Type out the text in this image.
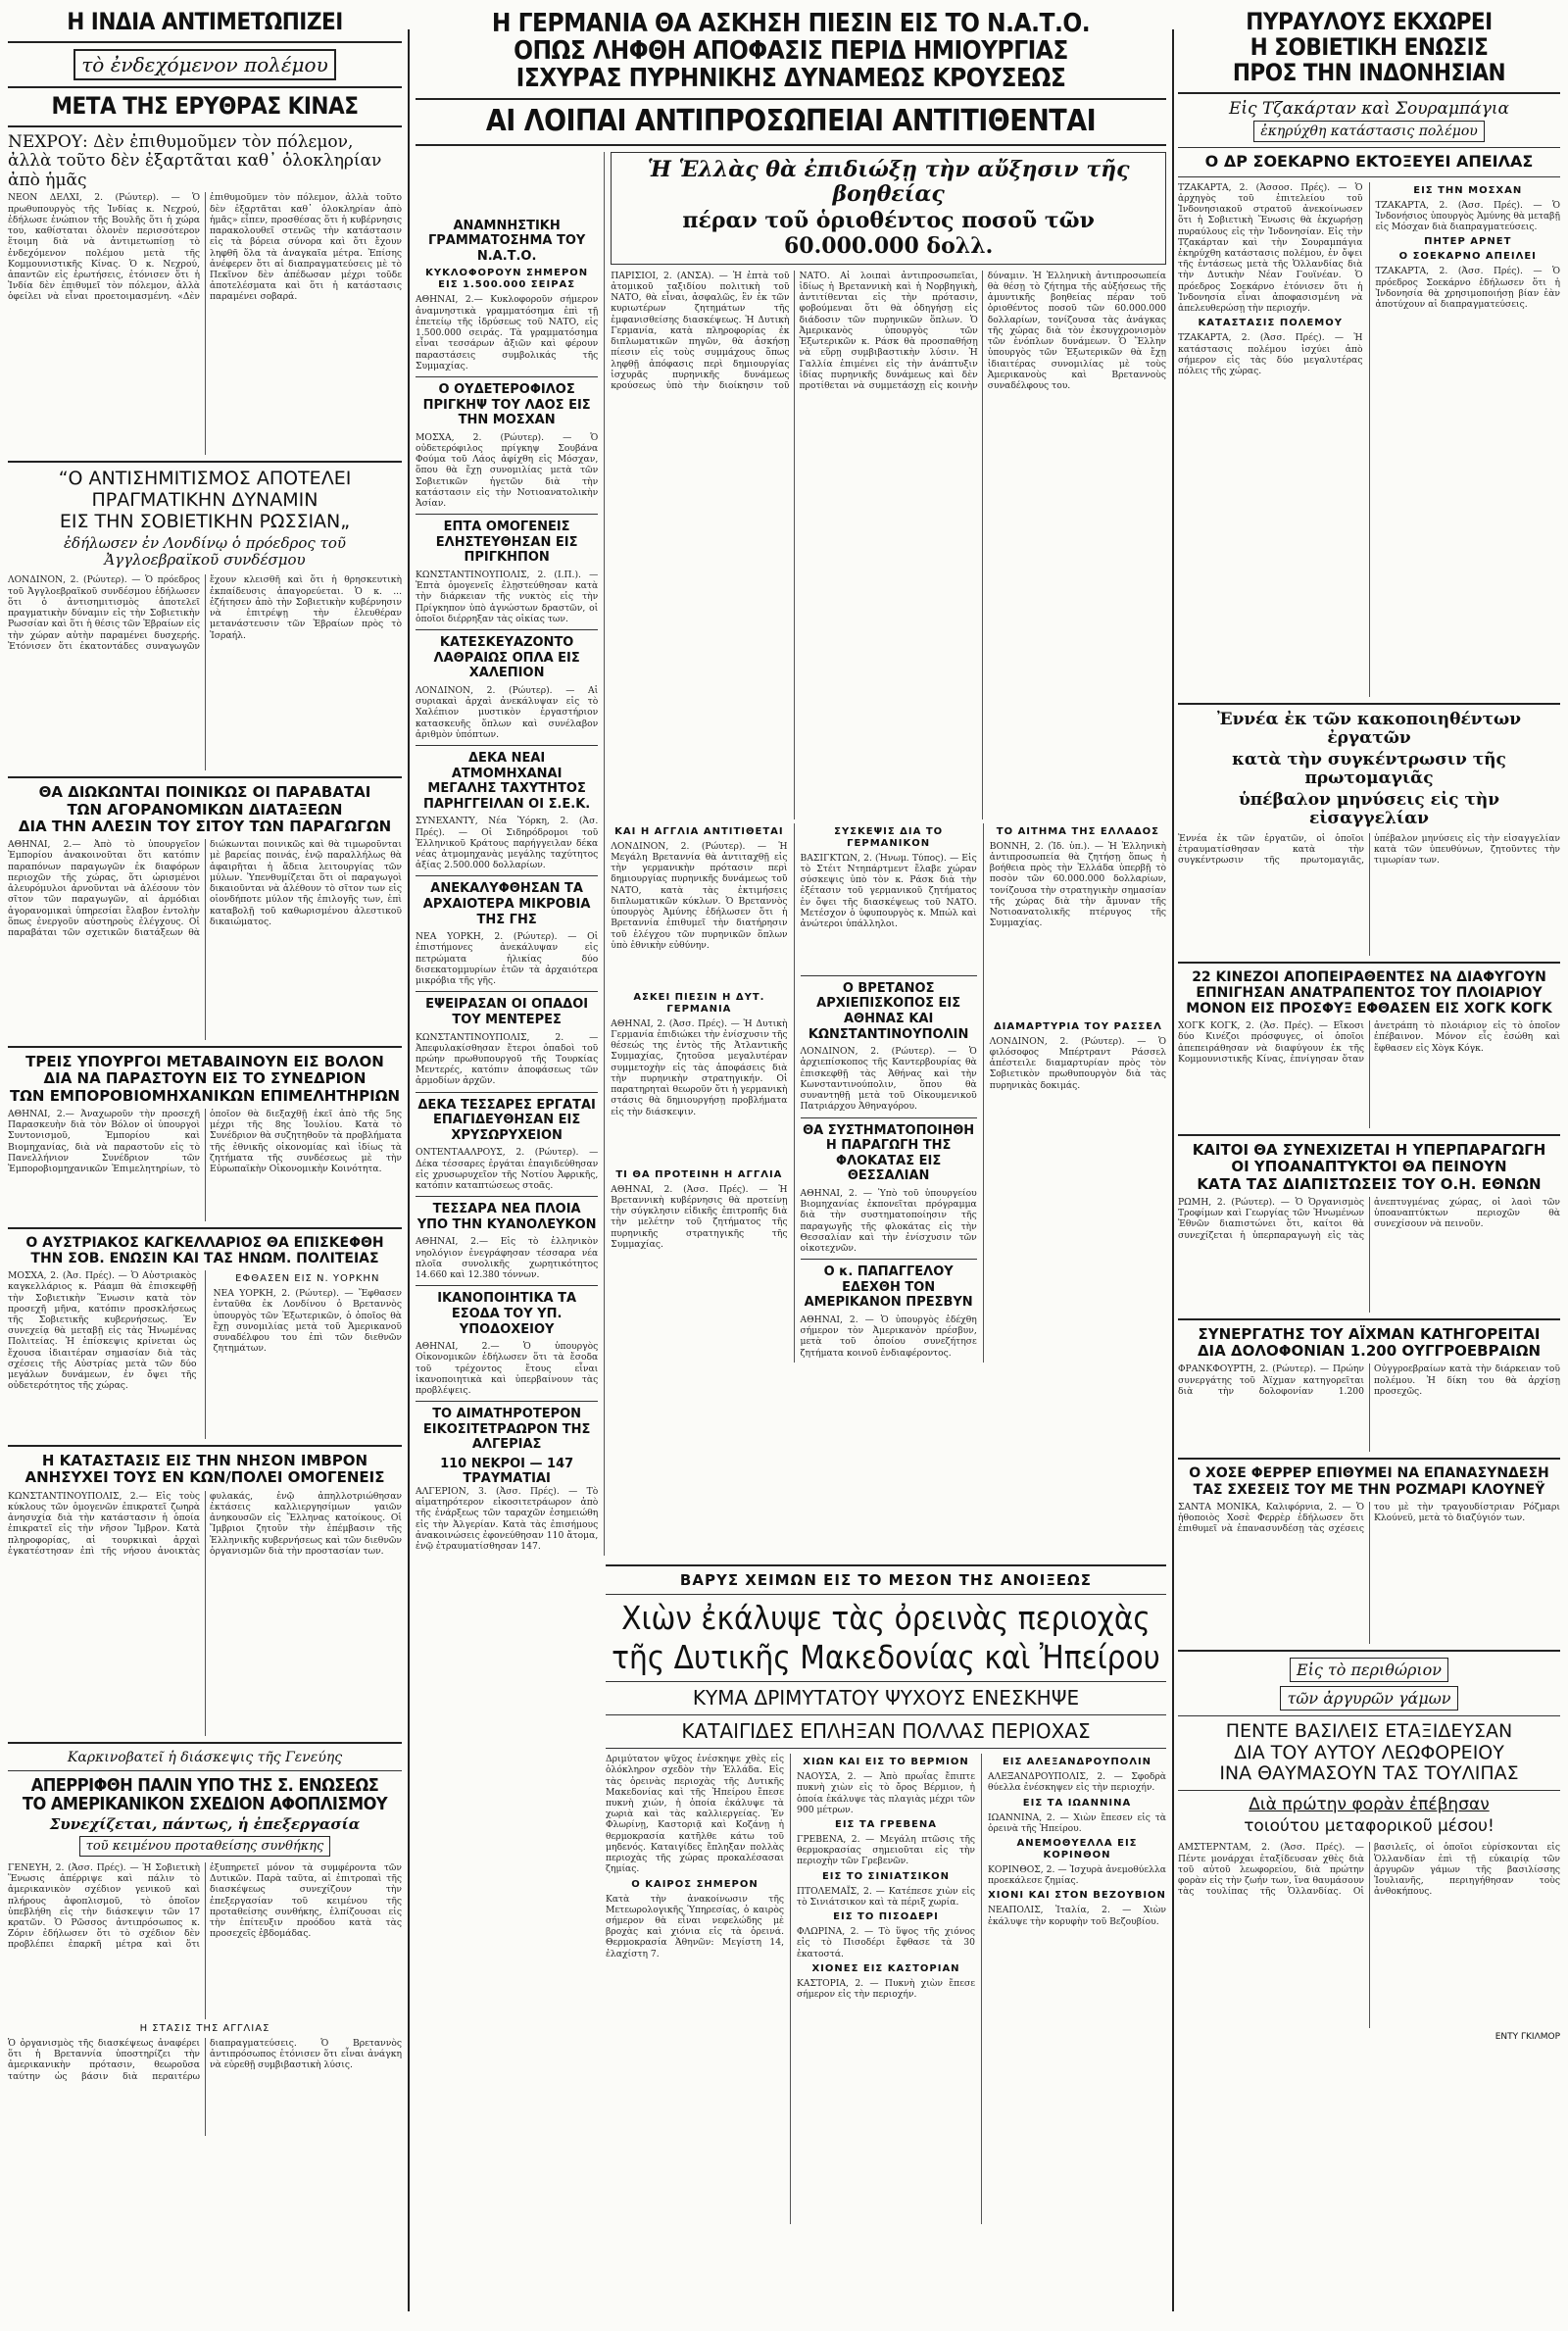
Η ΙΝΔΙΑ ΑΝΤΙΜΕΤΩΠΙΖΕΙ
τὸ ἐνδεχόμενον πολέμου
ΜΕΤΑ ΤΗΣ ΕΡΥΘΡΑΣ ΚΙΝΑΣ
ΝΕΧΡΟΥ: Δὲν ἐπιθυμοῦμεν τὸν πόλεμον, ἀλλὰ τοῦτο δὲν ἐξαρτᾶται καθ᾽ ὁλοκληρίαν ἀπὸ ἡμᾶς
ΝΕΟΝ ΔΕΛΧΙ, 2. (Ρώυτερ). — Ὁ πρωθυπουργὸς τῆς Ἰνδίας κ. Νεχρού, ἐδήλωσε ἐνώπιον τῆς Βουλῆς ὅτι ἡ χώρα του, καθίσταται ὁλονὲν περισσότερον ἕτοιμη διὰ νὰ ἀντιμετωπίσῃ τὸ ἐνδεχόμενον πολέμου μετὰ τῆς Κομμουνιστικῆς Κίνας. Ὁ κ. Νεχρού, ἀπαντῶν εἰς ἐρωτήσεις, ἐτόνισεν ὅτι ἡ Ἰνδία δὲν ἐπιθυμεῖ τὸν πόλεμον, ἀλλὰ ὁφείλει νὰ εἶναι προετοιμασμένη. «Δὲν ἐπιθυμοῦμεν τὸν πόλεμον, ἀλλὰ τοῦτο δὲν ἐξαρτᾶται καθ᾽ ὁλοκληρίαν ἀπὸ ἡμᾶς» εἶπεν, προσθέσας ὅτι ἡ κυβέρνησις παρακολουθεῖ στενῶς τὴν κατάστασιν εἰς τὰ βόρεια σύνορα καὶ ὅτι ἔχουν ληφθῆ ὅλα τὰ ἀναγκαῖα μέτρα. Ἐπίσης ἀνέφερεν ὅτι αἱ διαπραγματεύσεις μὲ τὸ Πεκῖνον δὲν ἀπέδωσαν μέχρι τοῦδε ἀποτελέσματα καὶ ὅτι ἡ κατάστασις παραμένει σοβαρά.
“Ο ΑΝΤΙΣΗΜΙΤΙΣΜΟΣ ΑΠΟΤΕΛΕΙ
ΠΡΑΓΜΑΤΙΚΗΝ ΔΥΝΑΜΙΝ
ΕΙΣ ΤΗΝ ΣΟΒΙΕΤΙΚΗΝ ΡΩΣΣΙΑΝ„
ἐδήλωσεν ἐν Λονδίνῳ ὁ πρόεδρος τοῦ Ἀγγλοεβραϊκοῦ συνδέσμου
ΛΟΝΔΙΝΟΝ, 2. (Ρώυτερ). — Ὁ πρόεδρος τοῦ Ἀγγλοεβραϊκοῦ συνδέσμου ἐδήλωσεν ὅτι ὁ ἀντισημιτισμὸς ἀποτελεῖ πραγματικὴν δύναμιν εἰς τὴν Σοβιετικὴν Ρωσσίαν καὶ ὅτι ἡ θέσις τῶν Ἑβραίων εἰς τὴν χώραν αὐτὴν παραμένει δυσχερής. Ἐτόνισεν ὅτι ἑκατοντάδες συναγωγῶν ἔχουν κλεισθῆ καὶ ὅτι ἡ θρησκευτικὴ ἐκπαίδευσις ἀπαγορεύεται. Ὁ κ. ... ἐζήτησεν ἀπὸ τὴν Σοβιετικὴν κυβέρνησιν νὰ ἐπιτρέψῃ τὴν ἐλευθέραν μετανάστευσιν τῶν Ἑβραίων πρὸς τὸ Ἰσραήλ.
ΘΑ ΔΙΩΚΩΝΤΑΙ ΠΟΙΝΙΚΩΣ ΟΙ ΠΑΡΑΒΑΤΑΙ
ΤΩΝ ΑΓΟΡΑΝΟΜΙΚΩΝ ΔΙΑΤΑΞΕΩΝ
ΔΙΑ ΤΗΝ ΑΛΕΣΙΝ ΤΟΥ ΣΙΤΟΥ ΤΩΝ ΠΑΡΑΓΩΓΩΝ
ΑΘΗΝΑΙ, 2.— Ἀπὸ τὸ ὑπουργεῖον Ἐμπορίου ἀνακοινοῦται ὅτι κατόπιν παραπόνων παραγωγῶν ἐκ διαφόρων περιοχῶν τῆς χώρας, ὅτι ὡρισμένοι ἀλευρόμυλοι ἀρνοῦνται νὰ ἀλέσουν τὸν σῖτον τῶν παραγωγῶν, αἱ ἁρμόδιαι ἀγορανομικαὶ ὑπηρεσίαι ἔλαβον ἐντολὴν ὅπως ἐνεργοῦν αὐστηροὺς ἐλέγχους. Οἱ παραβάται τῶν σχετικῶν διατάξεων θὰ διώκωνται ποινικῶς καὶ θὰ τιμωροῦνται μὲ βαρείας ποινάς, ἐνῷ παραλλήλως θὰ ἀφαιρῆται ἡ ἄδεια λειτουργίας τῶν μύλων. Ὑπενθυμίζεται ὅτι οἱ παραγωγοὶ δικαιοῦνται νὰ ἀλέθουν τὸ σῖτον των εἰς οἱονδήποτε μύλον τῆς ἐπιλογῆς των, ἐπὶ καταβολῇ τοῦ καθωρισμένου ἀλεστικοῦ δικαιώματος.
ΤΡΕΙΣ ΥΠΟΥΡΓΟΙ ΜΕΤΑΒΑΙΝΟΥΝ ΕΙΣ ΒΟΛΟΝ
ΔΙΑ ΝΑ ΠΑΡΑΣΤΟΥΝ ΕΙΣ ΤΟ ΣΥΝΕΔΡΙΟΝ
ΤΩΝ ΕΜΠΟΡΟΒΙΟΜΗΧΑΝΙΚΩΝ ΕΠΙΜΕΛΗΤΗΡΙΩΝ
ΑΘΗΝΑΙ, 2.— Ἀναχωροῦν τὴν προσεχῆ Παρασκευὴν διὰ τὸν Βόλον οἱ ὑπουργοὶ Συντονισμοῦ, Ἐμπορίου καὶ Βιομηχανίας, διὰ νὰ παραστοῦν εἰς τὸ Πανελλήνιον Συνέδριον τῶν Ἐμποροβιομηχανικῶν Ἐπιμελητηρίων, τὸ ὁποῖον θὰ διεξαχθῇ ἐκεῖ ἀπὸ τῆς 5ης μέχρι τῆς 8ης Ἰουλίου. Κατὰ τὸ Συνέδριον θὰ συζητηθοῦν τὰ προβλήματα τῆς ἐθνικῆς οἰκονομίας καὶ ἰδίως τὰ ζητήματα τῆς συνδέσεως μὲ τὴν Εὐρωπαϊκὴν Οἰκονομικὴν Κοινότητα.
Ο ΑΥΣΤΡΙΑΚΟΣ ΚΑΓΚΕΛΛΑΡΙΟΣ ΘΑ ΕΠΙΣΚΕΦΘΗ
ΤΗΝ ΣΟΒ. ΕΝΩΣΙΝ ΚΑΙ ΤΑΣ ΗΝΩΜ. ΠΟΛΙΤΕΙΑΣ
ΜΟΣΧΑ, 2. (Ἀσ. Πρές). — Ὁ Αὐστριακὸς καγκελλάριος κ. Ράαμπ θὰ ἐπισκεφθῇ τὴν Σοβιετικὴν Ἕνωσιν κατὰ τὸν προσεχῆ μῆνα, κατόπιν προσκλήσεως τῆς Σοβιετικῆς κυβερνήσεως. Ἐν συνεχείᾳ θὰ μεταβῇ εἰς τὰς Ἡνωμένας Πολιτείας. Ἡ ἐπίσκεψις κρίνεται ὡς ἔχουσα ἰδιαιτέραν σημασίαν διὰ τὰς σχέσεις τῆς Αὐστρίας μετὰ τῶν δύο μεγάλων δυνάμεων, ἐν ὄψει τῆς οὐδετερότητος τῆς χώρας.
ΕΦΘΑΣΕΝ ΕΙΣ Ν. ΥΟΡΚΗΝ
ΝΕΑ ΥΟΡΚΗ, 2. (Ρώυτερ). — Ἔφθασεν ἐνταῦθα ἐκ Λονδίνου ὁ Βρεταννὸς ὑπουργὸς τῶν Ἐξωτερικῶν, ὁ ὁποῖος θὰ ἔχῃ συνομιλίας μετὰ τοῦ Ἀμερικανοῦ συναδέλφου του ἐπὶ τῶν διεθνῶν ζητημάτων.
Η ΚΑΤΑΣΤΑΣΙΣ ΕΙΣ ΤΗΝ ΝΗΣΟΝ ΙΜΒΡΟΝ
ΑΝΗΣΥΧΕΙ ΤΟΥΣ ΕΝ ΚΩΝ/ΠΟΛΕΙ ΟΜΟΓΕΝΕΙΣ
ΚΩΝΣΤΑΝΤΙΝΟΥΠΟΛΙΣ, 2.— Εἰς τοὺς κύκλους τῶν ὁμογενῶν ἐπικρατεῖ ζωηρὰ ἀνησυχία διὰ τὴν κατάστασιν ἡ ὁποία ἐπικρατεῖ εἰς τὴν νῆσον Ἴμβρον. Κατὰ πληροφορίας, αἱ τουρκικαὶ ἀρχαὶ ἐγκατέστησαν ἐπὶ τῆς νήσου ἀνοικτὰς φυλακάς, ἐνῷ ἀπηλλοτριώθησαν ἐκτάσεις καλλιεργησίμων γαιῶν ἀνηκουσῶν εἰς Ἕλληνας κατοίκους. Οἱ Ἴμβριοι ζητοῦν τὴν ἐπέμβασιν τῆς Ἑλληνικῆς κυβερνήσεως καὶ τῶν διεθνῶν ὀργανισμῶν διὰ τὴν προστασίαν των.
Καρκινοβατεῖ ἡ διάσκεψις τῆς Γενεύης
ΑΠΕΡΡΙΦΘΗ ΠΑΛΙΝ ΥΠΟ ΤΗΣ Σ. ΕΝΩΣΕΩΣ
ΤΟ ΑΜΕΡΙΚΑΝΙΚΟΝ ΣΧΕΔΙΟΝ ΑΦΟΠΛΙΣΜΟΥ
Συνεχίζεται, πάντως, ἡ ἐπεξεργασία
τοῦ κειμένου προταθείσης συνθήκης
ΓΕΝΕΥΗ, 2. (Ἀσσ. Πρές). — Ἡ Σοβιετικὴ Ἕνωσις ἀπέρριψε καὶ πάλιν τὸ ἀμερικανικὸν σχέδιον γενικοῦ καὶ πλήρους ἀφοπλισμοῦ, τὸ ὁποῖον ὑπεβλήθη εἰς τὴν διάσκεψιν τῶν 17 κρατῶν. Ὁ Ρῶσσος ἀντιπρόσωπος κ. Ζόριν ἐδήλωσεν ὅτι τὸ σχέδιον δὲν προβλέπει ἐπαρκῆ μέτρα καὶ ὅτι ἐξυπηρετεῖ μόνον τὰ συμφέροντα τῶν Δυτικῶν. Παρὰ ταῦτα, αἱ ἐπιτροπαὶ τῆς διασκέψεως συνεχίζουν τὴν ἐπεξεργασίαν τοῦ κειμένου τῆς προταθείσης συνθήκης, ἐλπίζουσαι εἰς τὴν ἐπίτευξιν προόδου κατὰ τὰς προσεχεῖς ἑβδομάδας.
Η ΣΤΑΣΙΣ ΤΗΣ ΑΓΓΛΙΑΣ
Ὁ ὀργανισμὸς τῆς διασκέψεως ἀναφέρει ὅτι ἡ Βρεταννία ὑποστηρίζει τὴν ἀμερικανικὴν πρότασιν, θεωροῦσα ταύτην ὡς βάσιν διὰ περαιτέρω διαπραγματεύσεις. Ὁ Βρεταννὸς ἀντιπρόσωπος ἐτόνισεν ὅτι εἶναι ἀνάγκη νὰ εὑρεθῇ συμβιβαστικὴ λύσις.
Η ΓΕΡΜΑΝΙΑ ΘΑ ΑΣΚΗΣΗ ΠΙΕΣΙΝ ΕΙΣ ΤΟ Ν.Α.Τ.Ο.
ΟΠΩΣ ΛΗΦΘΗ ΑΠΟΦΑΣΙΣ ΠΕΡΙΔ ΗΜΙΟΥΡΓΙΑΣ
ΙΣΧΥΡΑΣ ΠΥΡΗΝΙΚΗΣ ΔΥΝΑΜΕΩΣ ΚΡΟΥΣΕΩΣ
ΑΙ ΛΟΙΠΑΙ ΑΝΤΙΠΡΟΣΩΠΕΙΑΙ ΑΝΤΙΤΙΘΕΝΤΑΙ
ΑΝΑΜΝΗΣΤΙΚΗ ΓΡΑΜΜΑΤΟΣΗΜΑ ΤΟΥ Ν.Α.Τ.Ο.
ΚΥΚΛΟΦΟΡΟΥΝ ΣΗΜΕΡΟΝ ΕΙΣ 1.500.000 ΣΕΙΡΑΣ
ΑΘΗΝΑΙ, 2.— Κυκλοφοροῦν σήμερον ἀναμνηστικὰ γραμματόσημα ἐπὶ τῇ ἐπετείῳ τῆς ἱδρύσεως τοῦ ΝΑΤΟ, εἰς 1.500.000 σειράς. Τὰ γραμματόσημα εἶναι τεσσάρων ἀξιῶν καὶ φέρουν παραστάσεις συμβολικάς τῆς Συμμαχίας.
Ο ΟΥΔΕΤΕΡΟΦΙΛΟΣ ΠΡΙΓΚΗΨ ΤΟΥ ΛΑΟΣ ΕΙΣ ΤΗΝ ΜΟΣΧΑΝ
ΜΟΣΧΑ, 2. (Ρώυτερ). — Ὁ οὐδετερόφιλος πρίγκηψ Σουβάνα Φούμα τοῦ Λάος ἀφίχθη εἰς Μόσχαν, ὅπου θὰ ἔχῃ συνομιλίας μετὰ τῶν Σοβιετικῶν ἡγετῶν διὰ τὴν κατάστασιν εἰς τὴν Νοτιοανατολικὴν Ἀσίαν.
ΕΠΤΑ ΟΜΟΓΕΝΕΙΣ ΕΛΗΣΤΕΥΘΗΣΑΝ ΕΙΣ ΠΡΙΓΚΗΠΟΝ
ΚΩΝΣΤΑΝΤΙΝΟΥΠΟΛΙΣ, 2. (Ι.Π.). — Ἑπτὰ ὁμογενεῖς ἐλῃστεύθησαν κατὰ τὴν διάρκειαν τῆς νυκτὸς εἰς τὴν Πρίγκηπον ὑπὸ ἀγνώστων δραστῶν, οἱ ὁποῖοι διέρρηξαν τὰς οἰκίας των.
ΚΑΤΕΣΚΕΥΑΖΟΝΤΟ ΛΑΘΡΑΙΩΣ ΟΠΛΑ ΕΙΣ ΧΑΛΕΠΙΟΝ
ΛΟΝΔΙΝΟΝ, 2. (Ρώυτερ). — Αἱ συριακαὶ ἀρχαὶ ἀνεκάλυψαν εἰς τὸ Χαλέπιον μυστικὸν ἐργαστήριον κατασκευῆς ὅπλων καὶ συνέλαβον ἀριθμὸν ὑπόπτων.
ΔΕΚΑ ΝΕΑΙ ΑΤΜΟΜΗΧΑΝΑΙ ΜΕΓΑΛΗΣ ΤΑΧΥΤΗΤΟΣ ΠΑΡΗΓΓΕΙΛΑΝ ΟΙ Σ.Ε.Κ.
ΣΥΝΕΧΑΝΤΥ, Νέα Ὑόρκη, 2. (Ἀσ. Πρές). — Οἱ Σιδηρόδρομοι τοῦ Ἑλληνικοῦ Κράτους παρήγγειλαν δέκα νέας ἀτμομηχανὰς μεγάλης ταχύτητος ἀξίας 2.500.000 δολλαρίων.
ΑΝΕΚΑΛΥΦΘΗΣΑΝ ΤΑ ΑΡΧΑΙΟΤΕΡΑ ΜΙΚΡΟΒΙΑ ΤΗΣ ΓΗΣ
ΝΕΑ ΥΟΡΚΗ, 2. (Ρώυτερ). — Οἱ ἐπιστήμονες ἀνεκάλυψαν εἰς πετρώματα ἡλικίας δύο δισεκατομμυρίων ἐτῶν τὰ ἀρχαιότερα μικρόβια τῆς γῆς.
ΕΨΕΙΡΑΣΑΝ ΟΙ ΟΠΑΔΟΙ ΤΟΥ ΜΕΝΤΕΡΕΣ
ΚΩΝΣΤΑΝΤΙΝΟΥΠΟΛΙΣ, 2. — Ἀπεφυλακίσθησαν ἕτεροι ὀπαδοὶ τοῦ πρώην πρωθυπουργοῦ τῆς Τουρκίας Μεντερές, κατόπιν ἀποφάσεως τῶν ἁρμοδίων ἀρχῶν.
ΔΕΚΑ ΤΕΣΣΑΡΕΣ ΕΡΓΑΤΑΙ ΕΠΑΓΙΔΕΥΘΗΣΑΝ ΕΙΣ ΧΡΥΣΩΡΥΧΕΙΟΝ
ΟΝΤΕΝΤΑΑΛΡΟΥΣ, 2. (Ρώυτερ). — Δέκα τέσσαρες ἐργάται ἐπαγιδεύθησαν εἰς χρυσωρυχεῖον τῆς Νοτίου Ἀφρικῆς, κατόπιν καταπτώσεως στοᾶς.
ΤΕΣΣΑΡΑ ΝΕΑ ΠΛΟΙΑ ΥΠΟ ΤΗΝ ΚΥΑΝΟΛΕΥΚΟΝ
ΑΘΗΝΑΙ, 2.— Εἰς τὸ ἑλληνικὸν νηολόγιον ἐνεγράφησαν τέσσαρα νέα πλοῖα συνολικῆς χωρητικότητος 14.660 καὶ 12.380 τόννων.
ΙΚΑΝΟΠΟΙΗΤΙΚΑ ΤΑ ΕΣΟΔΑ ΤΟΥ ΥΠ. ΥΠΟΔΟΧΕΙΟΥ
ΑΘΗΝΑΙ, 2.— Ὁ ὑπουργὸς Οἰκονομικῶν ἐδήλωσεν ὅτι τὰ ἔσοδα τοῦ τρέχοντος ἔτους εἶναι ἱκανοποιητικὰ καὶ ὑπερβαίνουν τὰς προβλέψεις.
ΤΟ ΑΙΜΑΤΗΡΟΤΕΡΟΝ ΕΙΚΟΣΙΤΕΤΡΑΩΡΟΝ ΤΗΣ ΑΛΓΕΡΙΑΣ
110 ΝΕΚΡΟΙ — 147 ΤΡΑΥΜΑΤΙΑΙ
ΑΛΓΕΡΙΟΝ, 3. (Ἀσσ. Πρές). — Τὸ αἱματηρότερον εἰκοσιτετράωρον ἀπὸ τῆς ἐνάρξεως τῶν ταραχῶν ἐσημειώθη εἰς τὴν Ἀλγερίαν. Κατὰ τὰς ἐπισήμους ἀνακοινώσεις ἐφονεύθησαν 110 ἄτομα, ἐνῷ ἐτραυματίσθησαν 147.
Ἡ Ἑλλὰς θὰ ἐπιδιώξῃ τὴν αὔξησιν τῆς βοηθείας
πέραν τοῦ ὁριοθέντος ποσοῦ τῶν 60.000.000 δολλ.
ΠΑΡΙΣΙΟΙ, 2. (ΑΝΣΑ). — Ἡ ἑπτὰ τοῦ ἀτομικοῦ ταξιδίου πολιτικὴ τοῦ ΝΑΤΟ, θὰ εἶναι, ἀσφαλῶς, ἓν ἐκ τῶν κυριωτέρων ζητημάτων τῆς ἐμφανισθείσης διασκέψεως. Ἡ Δυτικὴ Γερμανία, κατὰ πληροφορίας ἐκ διπλωματικῶν πηγῶν, θὰ ἀσκήσῃ πίεσιν εἰς τοὺς συμμάχους ὅπως ληφθῇ ἀπόφασις περὶ δημιουργίας ἰσχυρᾶς πυρηνικῆς δυνάμεως κρούσεως ὑπὸ τὴν διοίκησιν τοῦ ΝΑΤΟ. Αἱ λοιπαὶ ἀντιπροσωπεῖαι, ἰδίως ἡ Βρεταννικὴ καὶ ἡ Νορβηγικὴ, ἀντιτίθενται εἰς τὴν πρότασιν, φοβούμεναι ὅτι θὰ ὁδηγήσῃ εἰς διάδοσιν τῶν πυρηνικῶν ὅπλων. Ὁ Ἀμερικανὸς ὑπουργὸς τῶν Ἐξωτερικῶν κ. Ράσκ θὰ προσπαθήσῃ νὰ εὕρῃ συμβιβαστικὴν λύσιν. Ἡ Γαλλία ἐπιμένει εἰς τὴν ἀνάπτυξιν ἰδίας πυρηνικῆς δυνάμεως καὶ δὲν προτίθεται νὰ συμμετάσχῃ εἰς κοινὴν δύναμιν. Ἡ Ἑλληνικὴ ἀντιπροσωπεία θὰ θέσῃ τὸ ζήτημα τῆς αὐξήσεως τῆς ἀμυντικῆς βοηθείας πέραν τοῦ ὁριοθέντος ποσοῦ τῶν 60.000.000 δολλαρίων, τονίζουσα τὰς ἀνάγκας τῆς χώρας διὰ τὸν ἐκσυγχρονισμὸν τῶν ἐνόπλων δυνάμεων. Ὁ Ἕλλην ὑπουργὸς τῶν Ἐξωτερικῶν θὰ ἔχῃ ἰδιαιτέρας συνομιλίας μὲ τοὺς Ἀμερικανοὺς καὶ Βρεταννοὺς συναδέλφους του.
ΚΑΙ Η ΑΓΓΛΙΑ ΑΝΤΙΤΙΘΕΤΑΙ
ΛΟΝΔΙΝΟΝ, 2. (Ρώυτερ). — Ἡ Μεγάλη Βρεταννία θὰ ἀντιταχθῇ εἰς τὴν γερμανικὴν πρότασιν περὶ δημιουργίας πυρηνικῆς δυνάμεως τοῦ ΝΑΤΟ, κατὰ τὰς ἐκτιμήσεις διπλωματικῶν κύκλων. Ὁ Βρεταννὸς ὑπουργὸς Ἀμύνης ἐδήλωσεν ὅτι ἡ Βρεταννία ἐπιθυμεῖ τὴν διατήρησιν τοῦ ἐλέγχου τῶν πυρηνικῶν ὅπλων ὑπὸ ἐθνικὴν εὐθύνην.
ΑΣΚΕΙ ΠΙΕΣΙΝ Η ΔΥΤ. ΓΕΡΜΑΝΙΑ
ΑΘΗΝΑΙ, 2. (Ἀσσ. Πρές). — Ἡ Δυτικὴ Γερμανία ἐπιδιώκει τὴν ἐνίσχυσιν τῆς θέσεώς της ἐντὸς τῆς Ἀτλαντικῆς Συμμαχίας, ζητοῦσα μεγαλυτέραν συμμετοχὴν εἰς τὰς ἀποφάσεις διὰ τὴν πυρηνικὴν στρατηγικήν. Οἱ παρατηρηταὶ θεωροῦν ὅτι ἡ γερμανικὴ στάσις θὰ δημιουργήσῃ προβλήματα εἰς τὴν διάσκεψιν.
ΤΙ ΘΑ ΠΡΟΤΕΙΝΗ Η ΑΓΓΛΙΑ
ΑΘΗΝΑΙ, 2. (Ἀσσ. Πρές). — Ἡ Βρεταννικὴ κυβέρνησις θὰ προτείνῃ τὴν σύγκλησιν εἰδικῆς ἐπιτροπῆς διὰ τὴν μελέτην τοῦ ζητήματος τῆς πυρηνικῆς στρατηγικῆς τῆς Συμμαχίας.
ΣΥΣΚΕΨΙΣ ΔΙΑ ΤΟ ΓΕΡΜΑΝΙΚΟΝ
ΒΑΣΙΓΚΤΩΝ, 2. (Ἡνωμ. Τύπος). — Εἰς τὸ Στέιτ Ντηπάρτμεντ ἔλαβε χώραν σύσκεψις ὑπὸ τὸν κ. Ράσκ διὰ τὴν ἐξέτασιν τοῦ γερμανικοῦ ζητήματος ἐν ὄψει τῆς διασκέψεως τοῦ ΝΑΤΟ. Μετέσχον ὁ ὑφυπουργὸς κ. Μπώλ καὶ ἀνώτεροι ὑπάλληλοι.
Ο ΒΡΕΤΑΝΟΣ ΑΡΧΙΕΠΙΣΚΟΠΟΣ ΕΙΣ ΑΘΗΝΑΣ ΚΑΙ ΚΩΝΣΤΑΝΤΙΝΟΥΠΟΛΙΝ
ΛΟΝΔΙΝΟΝ, 2. (Ρώυτερ). — Ὁ ἀρχιεπίσκοπος τῆς Καντερβουρίας θὰ ἐπισκεφθῇ τὰς Ἀθήνας καὶ τὴν Κωνσταντινούπολιν, ὅπου θὰ συναντηθῇ μετὰ τοῦ Οἰκουμενικοῦ Πατριάρχου Ἀθηναγόρου.
ΘΑ ΣΥΣΤΗΜΑΤΟΠΟΙΗΘΗ Η ΠΑΡΑΓΩΓΗ ΤΗΣ ΦΛΟΚΑΤΑΣ ΕΙΣ ΘΕΣΣΑΛΙΑΝ
ΑΘΗΝΑΙ, 2. — Ὑπὸ τοῦ ὑπουργείου Βιομηχανίας ἐκπονεῖται πρόγραμμα διὰ τὴν συστηματοποίησιν τῆς παραγωγῆς τῆς φλοκάτας εἰς τὴν Θεσσαλίαν καὶ τὴν ἐνίσχυσιν τῶν οἰκοτεχνῶν.
Ο κ. ΠΑΠΑΓΓΕΛΟΥ ΕΔΕΧΘΗ ΤΟΝ ΑΜΕΡΙΚΑΝΟΝ ΠΡΕΣΒΥΝ
ΑΘΗΝΑΙ, 2. — Ὁ ὑπουργὸς ἐδέχθη σήμερον τὸν Ἀμερικανὸν πρέσβυν, μετὰ τοῦ ὁποίου συνεζήτησε ζητήματα κοινοῦ ἐνδιαφέροντος.
ΤΟ ΑΙΤΗΜΑ ΤΗΣ ΕΛΛΑΔΟΣ
ΒΟΝΝΗ, 2. (Ἰδ. ὑπ.). — Ἡ Ἑλληνικὴ ἀντιπροσωπεία θὰ ζητήσῃ ὅπως ἡ βοήθεια πρὸς τὴν Ἑλλάδα ὑπερβῇ τὸ ποσὸν τῶν 60.000.000 δολλαρίων, τονίζουσα τὴν στρατηγικὴν σημασίαν τῆς χώρας διὰ τὴν ἄμυναν τῆς Νοτιοανατολικῆς πτέρυγος τῆς Συμμαχίας.
ΔΙΑΜΑΡΤΥΡΙΑ ΤΟΥ ΡΑΣΣΕΛ
ΛΟΝΔΙΝΟΝ, 2. (Ρώυτερ). — Ὁ φιλόσοφος Μπέρτραντ Ράσσελ ἀπέστειλε διαμαρτυρίαν πρὸς τὸν Σοβιετικὸν πρωθυπουργὸν διὰ τὰς πυρηνικὰς δοκιμάς.
ΒΑΡΥΣ ΧΕΙΜΩΝ ΕΙΣ ΤΟ ΜΕΣΟΝ ΤΗΣ ΑΝΟΙΞΕΩΣ
Χιὼν ἐκάλυψε τὰς ὀρεινὰς περιοχὰς
τῆς Δυτικῆς Μακεδονίας καὶ Ἠπείρου
ΚΥΜΑ ΔΡΙΜΥΤΑΤΟΥ ΨΥΧΟΥΣ ΕΝΕΣΚΗΨΕ
ΚΑΤΑΙΓΙΔΕΣ ΕΠΛΗΞΑΝ ΠΟΛΛΑΣ ΠΕΡΙΟΧΑΣ
Δριμύτατον ψῦχος ἐνέσκηψε χθὲς εἰς ὁλόκληρον σχεδὸν τὴν Ἑλλάδα. Εἰς τὰς ὀρεινὰς περιοχὰς τῆς Δυτικῆς Μακεδονίας καὶ τῆς Ἠπείρου ἔπεσε πυκνὴ χιών, ἡ ὁποία ἐκάλυψε τὰ χωριὰ καὶ τὰς καλλιεργείας. Ἐν Φλωρίνῃ, Καστοριᾷ καὶ Κοζάνῃ ἡ θερμοκρασία κατῆλθε κάτω τοῦ μηδενός. Καταιγίδες ἔπληξαν πολλὰς περιοχὰς τῆς χώρας προκαλέσασαι ζημίας.
Ο ΚΑΙΡΟΣ ΣΗΜΕΡΟΝ
Κατὰ τὴν ἀνακοίνωσιν τῆς Μετεωρολογικῆς Ὑπηρεσίας, ὁ καιρὸς σήμερον θὰ εἶναι νεφελώδης μὲ βροχὰς καὶ χιόνια εἰς τὰ ὀρεινά. Θερμοκρασία Ἀθηνῶν: Μεγίστη 14, ἐλαχίστη 7.
ΧΙΩΝ ΚΑΙ ΕΙΣ ΤΟ ΒΕΡΜΙΟΝ
ΝΑΟΥΣΑ, 2. — Ἀπὸ πρωΐας ἔπιπτε πυκνὴ χιὼν εἰς τὸ ὄρος Βέρμιον, ἡ ὁποία ἐκάλυψε τὰς πλαγιὰς μέχρι τῶν 900 μέτρων.
ΕΙΣ ΤΑ ΓΡΕΒΕΝΑ
ΓΡΕΒΕΝΑ, 2. — Μεγάλη πτῶσις τῆς θερμοκρασίας σημειοῦται εἰς τὴν περιοχὴν τῶν Γρεβενῶν.
ΕΙΣ ΤΟ ΣΙΝΙΑΤΣΙΚΟΝ
ΠΤΟΛΕΜΑΪΣ, 2. — Κατέπεσε χιὼν εἰς τὸ Σινιάτσικον καὶ τὰ πέριξ χωρία.
ΕΙΣ ΤΟ ΠΙΣΟΔΕΡΙ
ΦΛΩΡΙΝΑ, 2. — Τὸ ὕψος τῆς χιόνος εἰς τὸ Πισοδέρι ἔφθασε τὰ 30 ἑκατοστά.
ΧΙΟΝΕΣ ΕΙΣ ΚΑΣΤΟΡΙΑΝ
ΚΑΣΤΟΡΙΑ, 2. — Πυκνὴ χιὼν ἔπεσε σήμερον εἰς τὴν περιοχήν.
ΕΙΣ ΑΛΕΞΑΝΔΡΟΥΠΟΛΙΝ
ΑΛΕΞΑΝΔΡΟΥΠΟΛΙΣ, 2. — Σφοδρὰ θύελλα ἐνέσκηψεν εἰς τὴν περιοχήν.
ΕΙΣ ΤΑ ΙΩΑΝΝΙΝΑ
ΙΩΑΝΝΙΝΑ, 2. — Χιὼν ἔπεσεν εἰς τὰ ὀρεινὰ τῆς Ἠπείρου.
ΑΝΕΜΟΘΥΕΛΛΑ ΕΙΣ ΚΟΡΙΝΘΟΝ
ΚΟΡΙΝΘΟΣ, 2. — Ἰσχυρὰ ἀνεμοθύελλα προεκάλεσε ζημίας.
ΧΙΟΝΙ ΚΑΙ ΣΤΟΝ ΒΕΖΟΥΒΙΟΝ
ΝΕΑΠΟΛΙΣ, Ἰταλία, 2. — Χιὼν ἐκάλυψε τὴν κορυφὴν τοῦ Βεζουβίου.
ΠΥΡΑΥΛΟΥΣ ΕΚΧΩΡΕΙ
Η ΣΟΒΙΕΤΙΚΗ ΕΝΩΣΙΣ
ΠΡΟΣ ΤΗΝ ΙΝΔΟΝΗΣΙΑΝ
Εἰς Τζακάρταν καὶ Σουραμπάγια
ἐκηρύχθη κατάστασις πολέμου
Ο ΔΡ ΣΟΕΚΑΡΝΟ ΕΚΤΟΞΕΥΕΙ ΑΠΕΙΛΑΣ
ΤΖΑΚΑΡΤΑ, 2. (Ἀσσοσ. Πρές). — Ὁ ἀρχηγὸς τοῦ ἐπιτελείου τοῦ Ἰνδονησιακοῦ στρατοῦ ἀνεκοίνωσεν ὅτι ἡ Σοβιετικὴ Ἕνωσις θὰ ἐκχωρήσῃ πυραύλους εἰς τὴν Ἰνδονησίαν. Εἰς τὴν Τζακάρταν καὶ τὴν Σουραμπάγια ἐκηρύχθη κατάστασις πολέμου, ἐν ὄψει τῆς ἐντάσεως μετὰ τῆς Ὁλλανδίας διὰ τὴν Δυτικὴν Νέαν Γουϊνέαν. Ὁ πρόεδρος Σοεκάρνο ἐτόνισεν ὅτι ἡ Ἰνδονησία εἶναι ἀποφασισμένη νὰ ἀπελευθερώσῃ τὴν περιοχήν.
ΚΑΤΑΣΤΑΣΙΣ ΠΟΛΕΜΟΥ
ΤΖΑΚΑΡΤΑ, 2. (Ἀσσ. Πρές). — Ἡ κατάστασις πολέμου ἰσχύει ἀπὸ σήμερον εἰς τὰς δύο μεγαλυτέρας πόλεις τῆς χώρας.
ΕΙΣ ΤΗΝ ΜΟΣΧΑΝ
ΤΖΑΚΑΡΤΑ, 2. (Ἀσσ. Πρές). — Ὁ Ἰνδονήσιος ὑπουργὸς Ἀμύνης θὰ μεταβῇ εἰς Μόσχαν διὰ διαπραγματεύσεις.
ΠΗΤΕΡ ΑΡΝΕΤ
Ο ΣΟΕΚΑΡΝΟ ΑΠΕΙΛΕΙ
ΤΖΑΚΑΡΤΑ, 2. (Ἀσσ. Πρές). — Ὁ πρόεδρος Σοεκάρνο ἐδήλωσεν ὅτι ἡ Ἰνδονησία θὰ χρησιμοποιήσῃ βίαν ἐὰν ἀποτύχουν αἱ διαπραγματεύσεις.
Ἐννέα ἐκ τῶν κακοποιηθέντων ἐργατῶν
κατὰ τὴν συγκέντρωσιν τῆς πρωτομαγιᾶς
ὑπέβαλον μηνύσεις εἰς τὴν εἰσαγγελίαν
Ἐννέα ἐκ τῶν ἐργατῶν, οἱ ὁποῖοι ἐτραυματίσθησαν κατὰ τὴν συγκέντρωσιν τῆς πρωτομαγιᾶς, ὑπέβαλον μηνύσεις εἰς τὴν εἰσαγγελίαν κατὰ τῶν ὑπευθύνων, ζητοῦντες τὴν τιμωρίαν των.
22 ΚΙΝΕΖΟΙ ΑΠΟΠΕΙΡΑΘΕΝΤΕΣ ΝΑ ΔΙΑΦΥΓΟΥΝ
ΕΠΝΙΓΗΣΑΝ ΑΝΑΤΡΑΠΕΝΤΟΣ ΤΟΥ ΠΛΟΙΑΡΙΟΥ
ΜΟΝΟΝ ΕΙΣ ΠΡΟΣΦΥΞ ΕΦΘΑΣΕΝ ΕΙΣ ΧΟΓΚ ΚΟΓΚ
ΧΟΓΚ ΚΟΓΚ, 2. (Ἀσ. Πρές). — Εἴκοσι δύο Κινέζοι πρόσφυγες, οἱ ὁποῖοι ἀπεπειράθησαν νὰ διαφύγουν ἐκ τῆς Κομμουνιστικῆς Κίνας, ἐπνίγησαν ὅταν ἀνετράπη τὸ πλοιάριον εἰς τὸ ὁποῖον ἐπέβαινον. Μόνον εἷς ἐσώθη καὶ ἔφθασεν εἰς Χὸγκ Κόγκ.
ΚΑΙΤΟΙ ΘΑ ΣΥΝΕΧΙΖΕΤΑΙ Η ΥΠΕΡΠΑΡΑΓΩΓΗ
ΟΙ ΥΠΟΑΝΑΠΤΥΚΤΟΙ ΘΑ ΠΕΙΝΟΥΝ
ΚΑΤΑ ΤΑΣ ΔΙΑΠΙΣΤΩΣΕΙΣ ΤΟΥ Ο.Η. ΕΘΝΩΝ
ΡΩΜΗ, 2. (Ρώυτερ). — Ὁ Ὀργανισμὸς Τροφίμων καὶ Γεωργίας τῶν Ἡνωμένων Ἐθνῶν διαπιστώνει ὅτι, καίτοι θὰ συνεχίζεται ἡ ὑπερπαραγωγὴ εἰς τὰς ἀνεπτυγμένας χώρας, οἱ λαοὶ τῶν ὑποαναπτύκτων περιοχῶν θὰ συνεχίσουν νὰ πεινοῦν.
ΣΥΝΕΡΓΑΤΗΣ ΤΟΥ ΑΪΧΜΑΝ ΚΑΤΗΓΟΡΕΙΤΑΙ
ΔΙΑ ΔΟΛΟΦΟΝΙΑΝ 1.200 ΟΥΓΓΡΟΕΒΡΑΙΩΝ
ΦΡΑΝΚΦΟΥΡΤΗ, 2. (Ρώυτερ). — Πρώην συνεργάτης τοῦ Ἀϊχμαν κατηγορεῖται διὰ τὴν δολοφονίαν 1.200 Οὐγγροεβραίων κατὰ τὴν διάρκειαν τοῦ πολέμου. Ἡ δίκη του θὰ ἀρχίσῃ προσεχῶς.
Ο ΧΟΣΕ ΦΕΡΡΕΡ ΕΠΙΘΥΜΕΙ ΝΑ ΕΠΑΝΑΣΥΝΔΕΣΗ
ΤΑΣ ΣΧΕΣΕΙΣ ΤΟΥ ΜΕ ΤΗΝ ΡΟΖΜΑΡΙ ΚΛΟΥΝΕΫ
ΣΑΝΤΑ ΜΟΝΙΚΑ, Καλιφόρνια, 2. — Ὁ ἠθοποιὸς Χοσὲ Φερρὲρ ἐδήλωσεν ὅτι ἐπιθυμεῖ νὰ ἐπανασυνδέσῃ τὰς σχέσεις του μὲ τὴν τραγουδίστριαν Ρόζμαρι Κλούνεϋ, μετὰ τὸ διαζύγιόν των.
Εἰς τὸ περιθώριον
τῶν ἀργυρῶν γάμων
ΠΕΝΤΕ ΒΑΣΙΛΕΙΣ ΕΤΑΞΙΔΕΥΣΑΝ
ΔΙΑ ΤΟΥ ΑΥΤΟΥ ΛΕΩΦΟΡΕΙΟΥ
ΙΝΑ ΘΑΥΜΑΣΟΥΝ ΤΑΣ ΤΟΥΛΙΠΑΣ
Διὰ πρώτην φορὰν ἐπέβησαν
τοιούτου μεταφορικοῦ μέσου!
ΑΜΣΤΕΡΝΤΑΜ, 2. (Ἀσσ. Πρές). — Πέντε μονάρχαι ἐταξίδευσαν χθὲς διὰ τοῦ αὐτοῦ λεωφορείου, διὰ πρώτην φορὰν εἰς τὴν ζωήν των, ἵνα θαυμάσουν τὰς τουλίπας τῆς Ὁλλανδίας. Οἱ βασιλεῖς, οἱ ὁποῖοι εὑρίσκονται εἰς Ὁλλανδίαν ἐπὶ τῇ εὐκαιρίᾳ τῶν ἀργυρῶν γάμων τῆς βασιλίσσης Ἰουλιανῆς, περιηγήθησαν τοὺς ἀνθοκήπους.
ΕΝΤΥ ΓΚΙΛΜΟΡ
